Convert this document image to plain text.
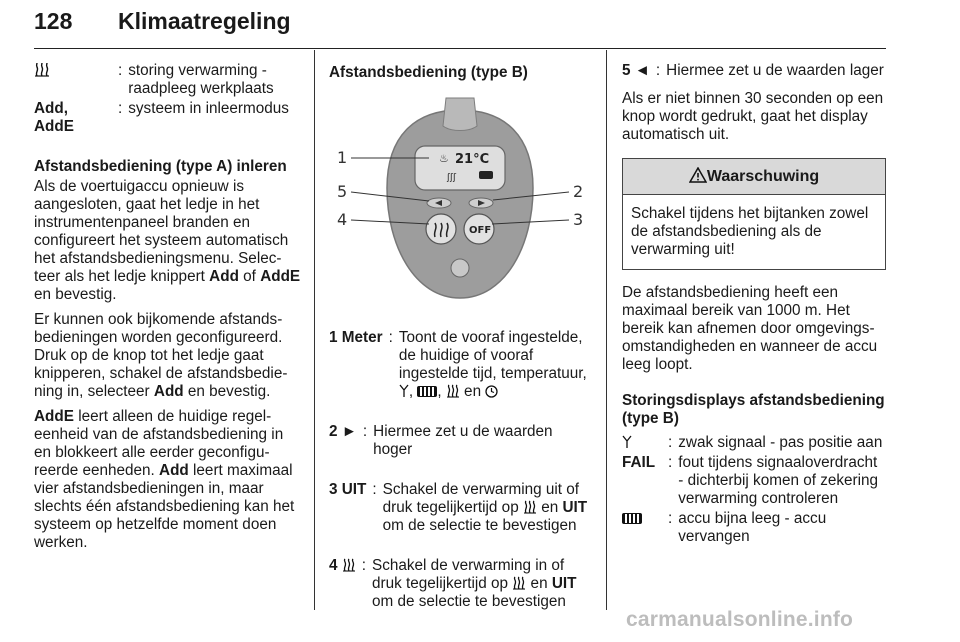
128 Klimaatregeling
: storing verwarming - raadpleeg werkplaats
Add, AddE
: systeem in inleermodus
Afstandsbediening (type A) inleren

Als de voertuigaccu opnieuw is aangesloten, gaat het ledje in het instrumentenpaneel branden en configureert het systeem automatisch het afstandsbedieningsmenu. Selecteer als het ledje knippert Add of AddE en bevestig.

Er kunnen ook bijkomende afstandsbedieningen worden geconfigureerd. Druk op de knop tot het ledje gaat knipperen, schakel de afstandsbediening in, selecteer Add en bevestig.

AddE leert alleen de huidige regeleenheid van de afstandsbediening in en blokkeert alle eerder geconfigureerde eenheden. Add leert maximaal vier afstandsbedieningen in, maar slechts één afstandsbediening kan het systeem op hetzelfde moment doen werken.

Afstandsbediening (type B)
♨ 21°C
ʃʃʃ
OFF
1
2
3
4
5
1 Meter : Toont de vooraf ingestelde, de huidige of vooraf ingestelde tijd, temperatuur, , ,  en
2 ► : Hiermee zet u de waarden hoger
3 UIT : Schakel de verwarming uit of druk tegelijkertijd op  en UIT om de selectie te bevestigen
4	: Schakel de verwarming in of druk tegelijkertijd op  en UIT om de selectie te bevestigen
5 ◄ : Hiermee zet u de waarden lager

Als er niet binnen 30 seconden op een knop wordt gedrukt, gaat het display automatisch uit.

Waarschuwing
Schakel tijdens het bijtanken zowel de afstandsbediening als de verwarming uit!

De afstandsbediening heeft een maximaal bereik van 1000 m. Het bereik kan afnemen door omgevingsomstandigheden en wanneer de accu leeg loopt.

Storingsdisplays afstandsbediening (type B)
: zwak signaal - pas positie aan
FAIL : fout tijdens signaaloverdracht - dichterbij komen of zekering verwarming controleren
: accu bijna leeg - accu vervangen
carmanualsonline.info
